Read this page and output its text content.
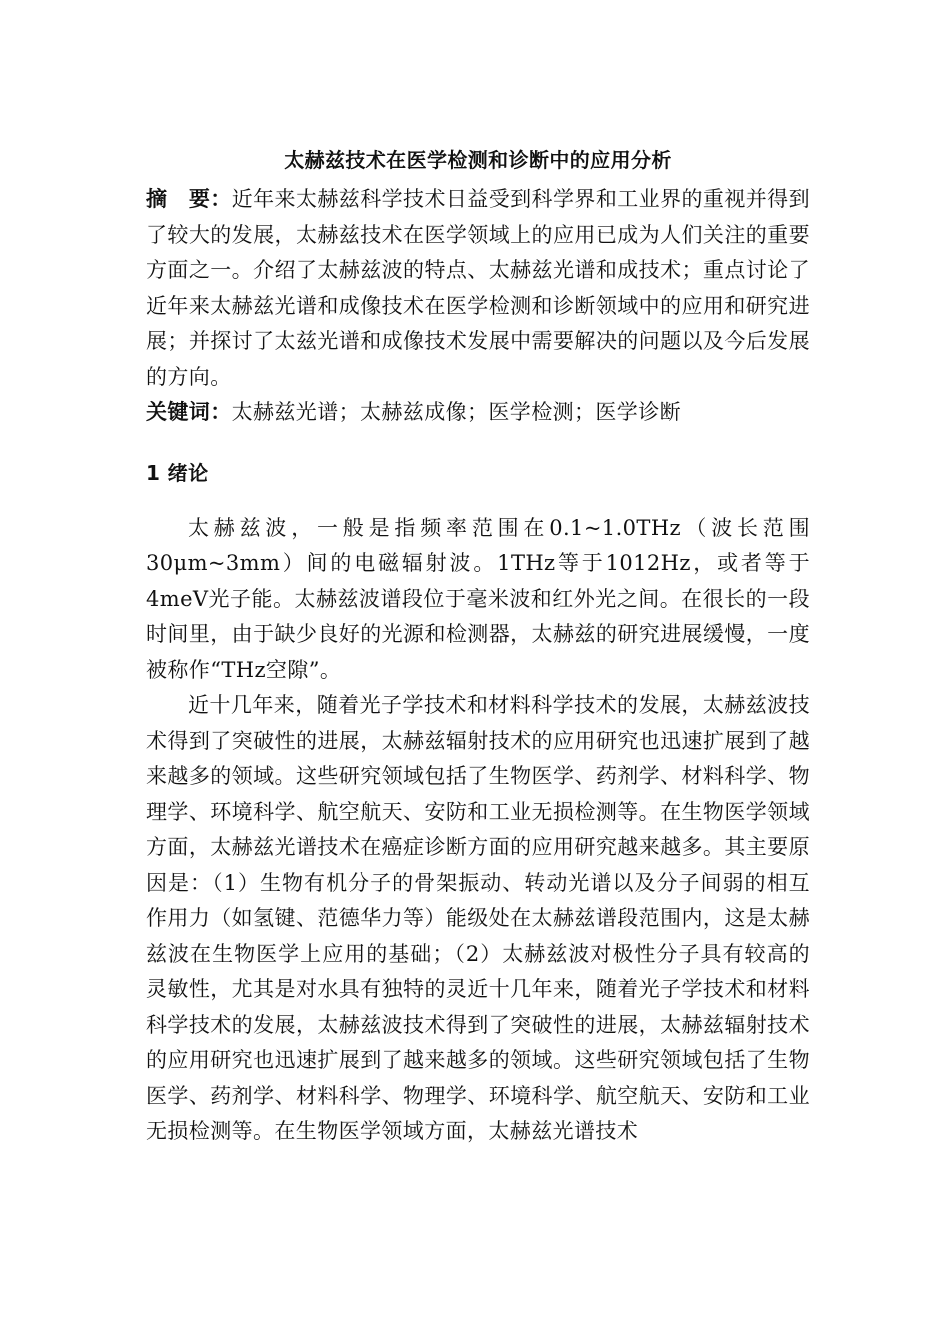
太赫兹技术在医学检测和诊断中的应用分析

摘　要：近年来太赫兹科学技术日益受到科学界和工业界的重视并得到了较大的发展，太赫兹技术在医学领域上的应用已成为人们关注的重要方面之一。介绍了太赫兹波的特点、太赫兹光谱和成技术；重点讨论了近年来太赫兹光谱和成像技术在医学检测和诊断领域中的应用和研究进展；并探讨了太兹光谱和成像技术发展中需要解决的问题以及今后发展的方向。

关键词：太赫兹光谱；太赫兹成像；医学检测；医学诊断

1 绪论

太赫兹波，一般是指频率范围在0.1~1.0THz（波长范围30μm~3mm）间的电磁辐射波。1THz等于1012Hz，或者等于4meV光子能。太赫兹波谱段位于毫米波和红外光之间。在很长的一段时间里，由于缺少良好的光源和检测器，太赫兹的研究进展缓慢，一度被称作“THz空隙”。

近十几年来，随着光子学技术和材料科学技术的发展，太赫兹波技术得到了突破性的进展，太赫兹辐射技术的应用研究也迅速扩展到了越来越多的领域。这些研究领域包括了生物医学、药剂学、材料科学、物理学、环境科学、航空航天、安防和工业无损检测等。在生物医学领域方面，太赫兹光谱技术在癌症诊断方面的应用研究越来越多。其主要原因是：（1）生物有机分子的骨架振动、转动光谱以及分子间弱的相互作用力（如氢键、范德华力等）能级处在太赫兹谱段范围内，这是太赫兹波在生物医学上应用的基础；（2）太赫兹波对极性分子具有较高的灵敏性，尤其是对水具有独特的灵近十几年来，随着光子学技术和材料科学技术的发展，太赫兹波技术得到了突破性的进展，太赫兹辐射技术的应用研究也迅速扩展到了越来越多的领域。这些研究领域包括了生物医学、药剂学、材料科学、物理学、环境科学、航空航天、安防和工业无损检测等。在生物医学领域方面，太赫兹光谱技术
